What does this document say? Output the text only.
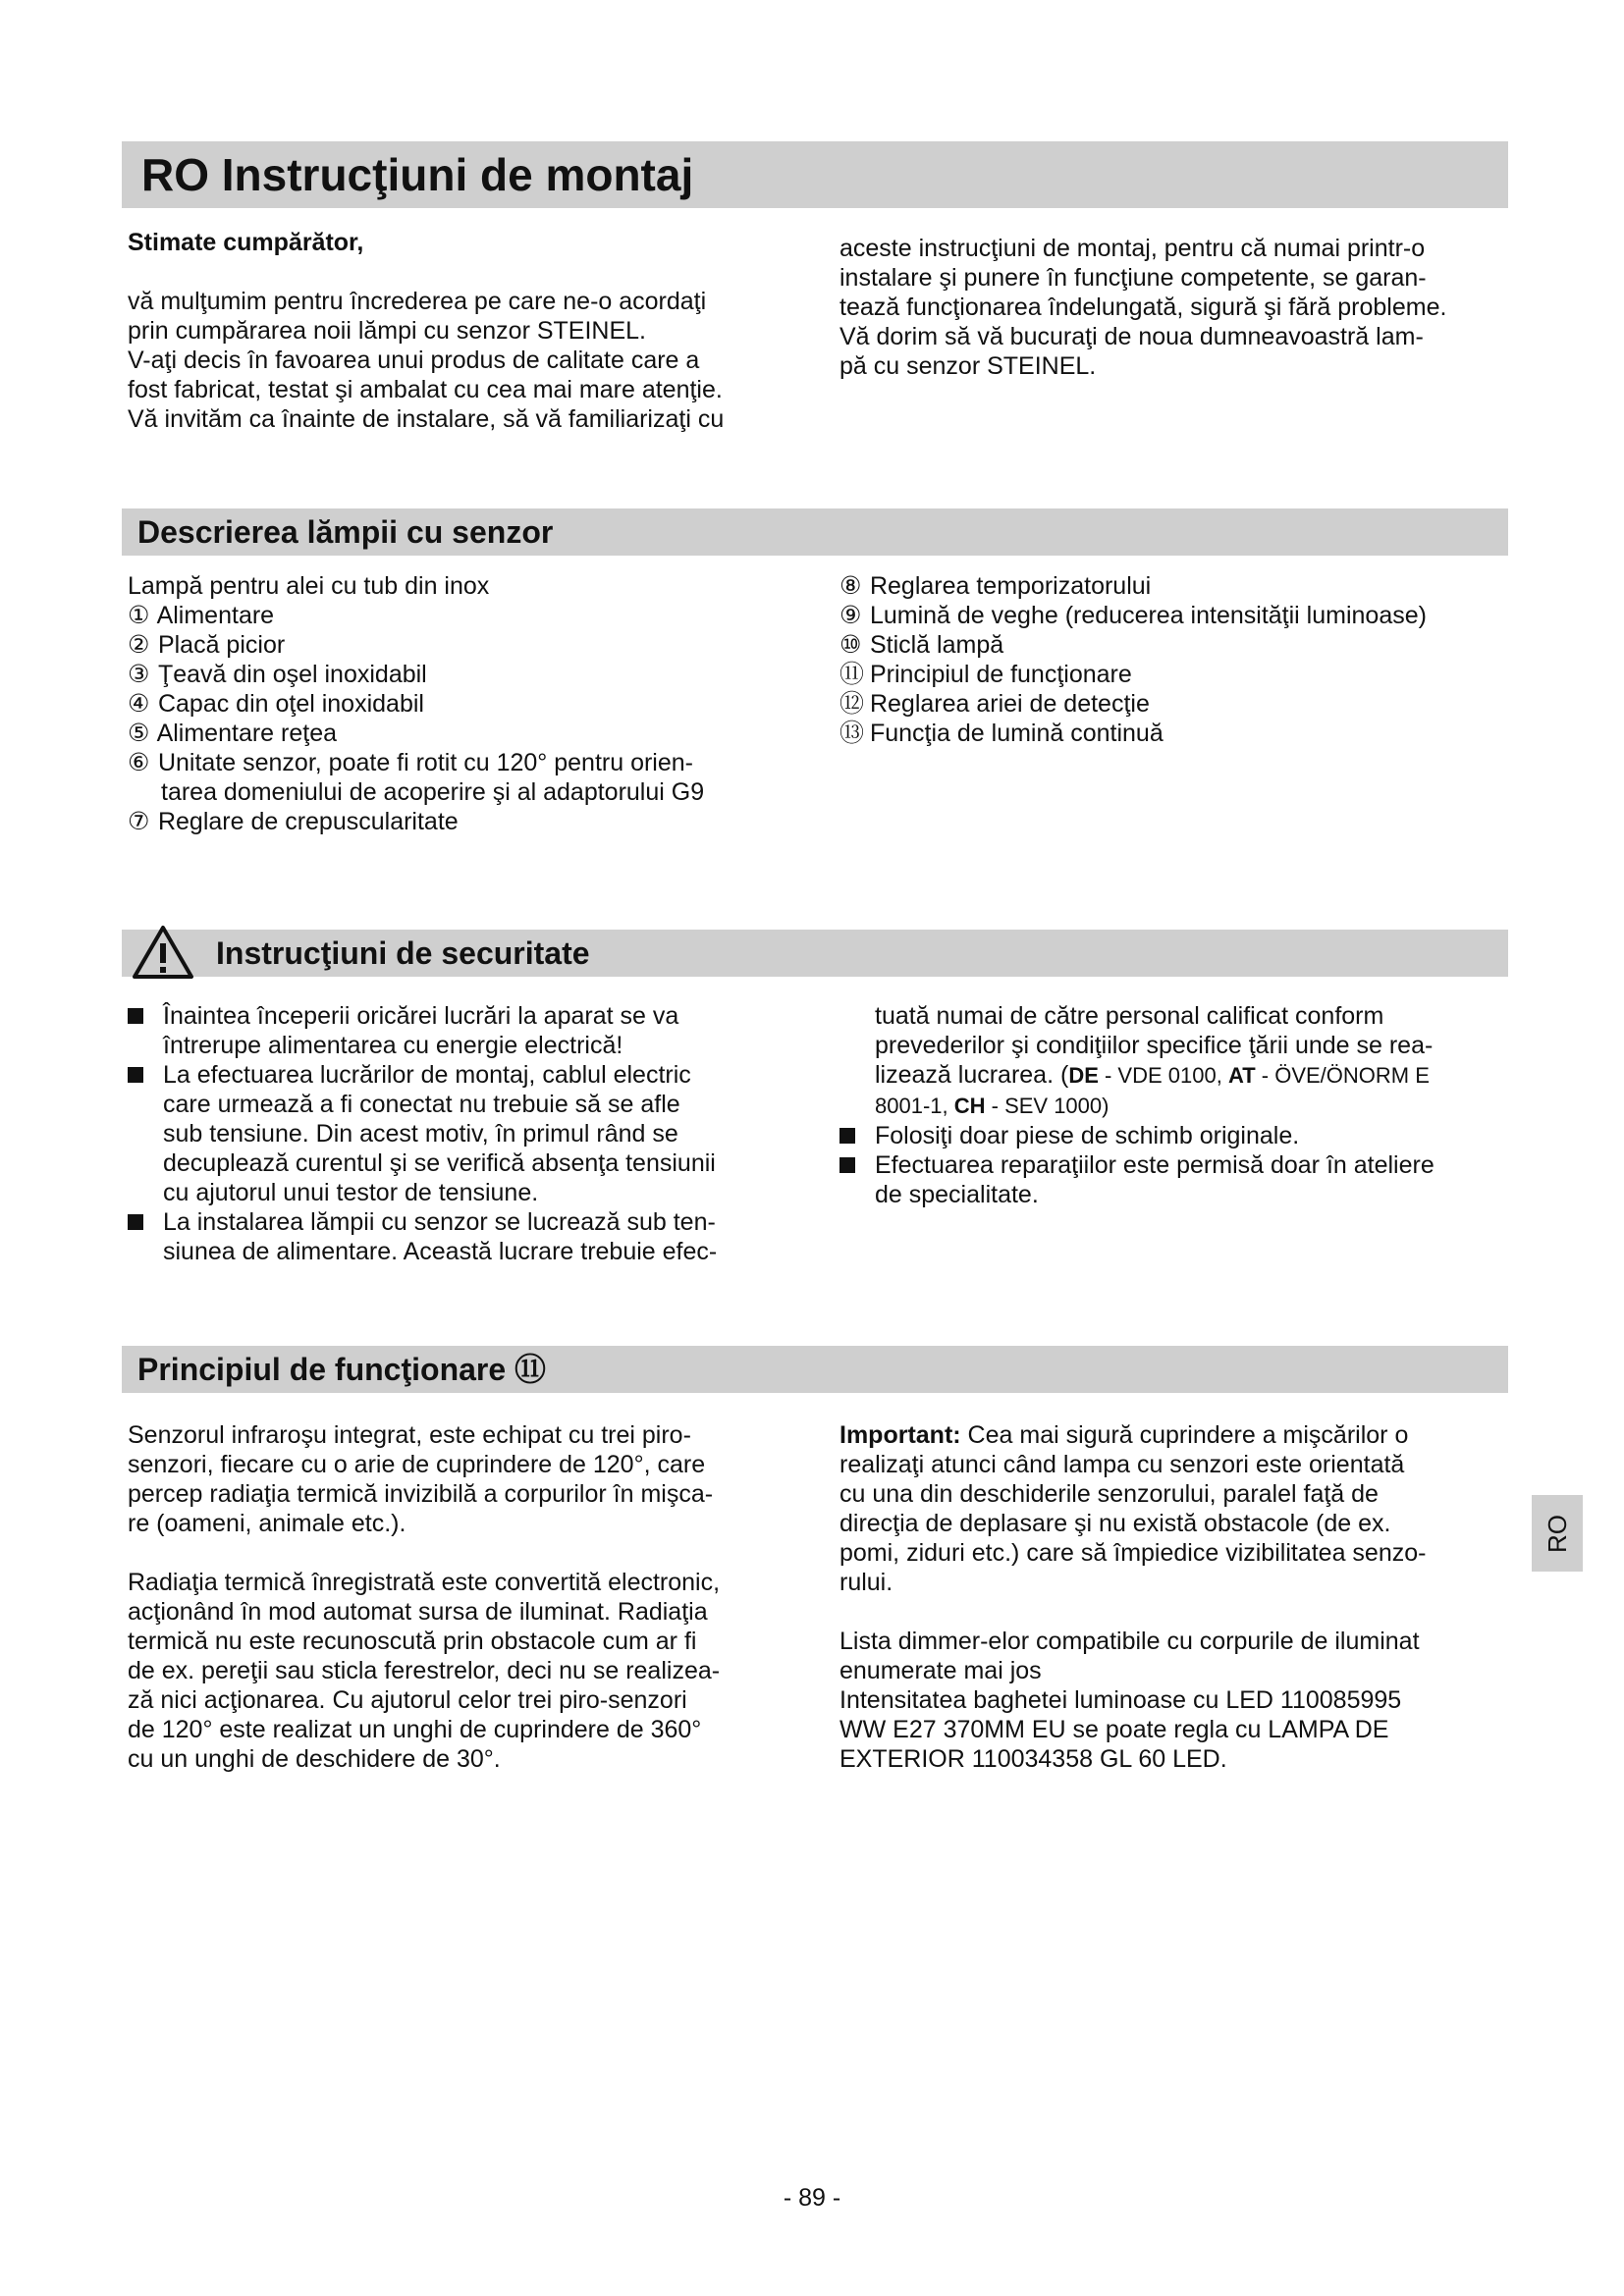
RO Instrucţiuni de montaj

Stimate cumpărător,

vă mulţumim pentru încrederea pe care ne-o acordaţi

prin cumpărarea noii lămpi cu senzor STEINEL.

V-aţi decis în favoarea unui produs de calitate care a

fost fabricat, testat şi ambalat cu cea mai mare atenţie.

Vă invităm ca înainte de instalare, să vă familiarizaţi cu

aceste instrucţiuni de montaj, pentru că numai printr-o

instalare şi punere în funcţiune competente, se garan-

tează funcţionarea îndelungată, sigură şi fără probleme.

Vă dorim să vă bucuraţi de noua dumneavoastră lam-

pă cu senzor STEINEL.

Descrierea lămpii cu senzor

Lampă pentru alei cu tub din inox

① Alimentare

② Placă picior

③ Ţeavă din oşel inoxidabil

④ Capac din oţel inoxidabil

⑤ Alimentare reţea

⑥ Unitate senzor, poate fi rotit cu 120° pentru orien-

tarea domeniului de acoperire şi al adaptorului G9

⑦ Reglare de crepuscularitate

⑧ Reglarea temporizatorului

⑨ Lumină de veghe (reducerea intensităţii luminoase)

⑩ Sticlă lampă

⑪ Principiul de funcţionare

⑫ Reglarea ariei de detecţie

⑬ Funcţia de lumină continuă

Instrucţiuni de securitate

Înaintea începerii oricărei lucrări la aparat se va

întrerupe alimentarea cu energie electrică!

La efectuarea lucrărilor de montaj, cablul electric

care urmează a fi conectat nu trebuie să se afle

sub tensiune. Din acest motiv, în primul rând se

decuplează curentul şi se verifică absenţa tensiunii

cu ajutorul unui testor de tensiune.

La instalarea lămpii cu senzor se lucrează sub ten-

siunea de alimentare. Această lucrare trebuie efec-

tuată numai de către personal calificat conform

prevederilor şi condiţiilor specifice ţării unde se rea-

lizează lucrarea. (DE - VDE 0100, AT - ÖVE/ÖNORM E

8001-1, CH - SEV 1000)

Folosiţi doar piese de schimb originale.

Efectuarea reparaţiilor este permisă doar în ateliere

de specialitate.

Principiul de funcţionare ⑪

Senzorul infraroşu integrat, este echipat cu trei piro-

senzori, fiecare cu o arie de cuprindere de 120°, care

percep radiaţia termică invizibilă a corpurilor în mişca-

re (oameni, animale etc.).

Radiaţia termică înregistrată este convertită electronic,

acţionând în mod automat sursa de iluminat. Radiaţia

termică nu este recunoscută prin obstacole cum ar fi

de ex. pereţii sau sticla ferestrelor, deci nu se realizea-

ză nici acţionarea. Cu ajutorul celor trei piro-senzori

de 120° este realizat un unghi de cuprindere de 360°

cu un unghi de deschidere de 30°.

Important: Cea mai sigură cuprindere a mişcărilor o

realizaţi atunci când lampa cu senzori este orientată

cu una din deschiderile senzorului, paralel faţă de

direcţia de deplasare şi nu există obstacole (de ex.

pomi, ziduri etc.) care să împiedice vizibilitatea senzo-

rului.

Lista dimmer-elor compatibile cu corpurile de iluminat

enumerate mai jos

Intensitatea baghetei luminoase cu LED 110085995

WW E27 370MM EU se poate regla cu LAMPA DE

EXTERIOR 110034358 GL 60 LED.

RO
- 89 -
